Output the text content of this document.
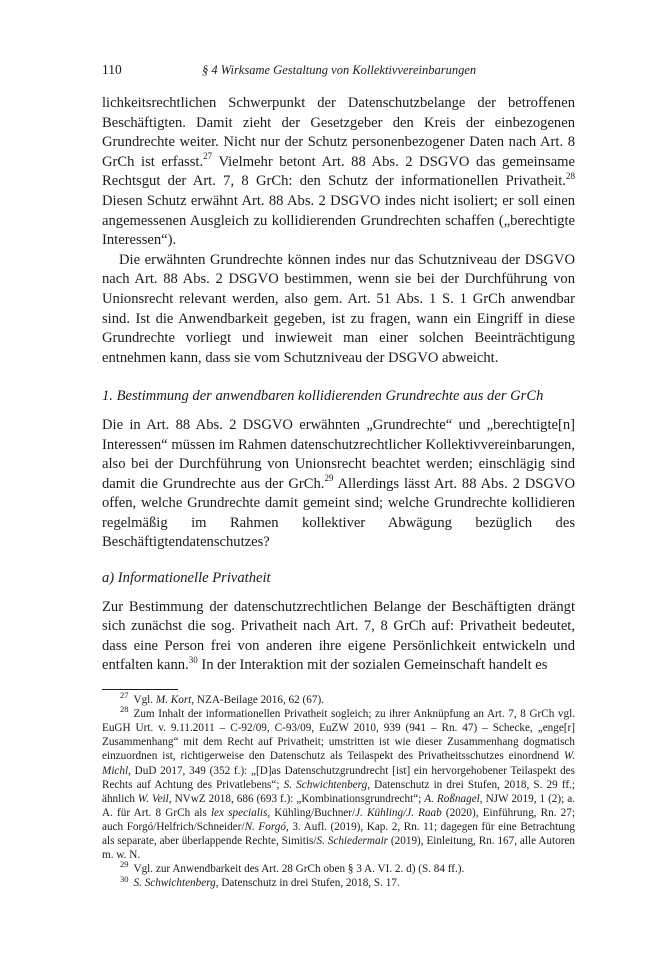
110	§ 4 Wirksame Gestaltung von Kollektivvereinbarungen

lichkeitsrechtlichen Schwerpunkt der Datenschutzbelange der betroffenen Beschäftigten. Damit zieht der Gesetzgeber den Kreis der einbezogenen Grundrechte weiter. Nicht nur der Schutz personenbezogener Daten nach Art. 8 GrCh ist erfasst.$^{27}$ Vielmehr betont Art. 88 Abs. 2 DSGVO das gemeinsame Rechtsgut der Art. 7, 8 GrCh: den Schutz der informationellen Privatheit.$^{28}$ Diesen Schutz erwähnt Art. 88 Abs. 2 DSGVO indes nicht isoliert; er soll einen angemessenen Ausgleich zu kollidierenden Grundrechten schaffen („berechtigte Interessen“).

Die erwähnten Grundrechte können indes nur das Schutzniveau der DSGVO nach Art. 88 Abs. 2 DSGVO bestimmen, wenn sie bei der Durchführung von Unionsrecht relevant werden, also gem. Art. 51 Abs. 1 S. 1 GrCh anwendbar sind. Ist die Anwendbarkeit gegeben, ist zu fragen, wann ein Eingriff in diese Grundrechte vorliegt und inwieweit man einer solchen Beeinträchtigung entnehmen kann, dass sie vom Schutzniveau der DSGVO abweicht.

1. Bestimmung der anwendbaren kollidierenden Grundrechte aus der GrCh

Die in Art. 88 Abs. 2 DSGVO erwähnten „Grundrechte“ und „berechtigte[n] Interessen“ müssen im Rahmen datenschutzrechtlicher Kollektivvereinbarungen, also bei der Durchführung von Unionsrecht beachtet werden; einschlägig sind damit die Grundrechte aus der GrCh.$^{29}$ Allerdings lässt Art. 88 Abs. 2 DSGVO offen, welche Grundrechte damit gemeint sind; welche Grundrechte kollidieren regelmäßig im Rahmen kollektiver Abwägung bezüglich des Beschäftigtendatenschutzes?

a) Informationelle Privatheit

Zur Bestimmung der datenschutzrechtlichen Belange der Beschäftigten drängt sich zunächst die sog. Privatheit nach Art. 7, 8 GrCh auf: Privatheit bedeutet, dass eine Person frei von anderen ihre eigene Persönlichkeit entwickeln und entfalten kann.$^{30}$ In der Interaktion mit der sozialen Gemeinschaft handelt es

$^{27}$ Vgl. M. Kort, NZA-Beilage 2016, 62 (67).

$^{28}$ Zum Inhalt der informationellen Privatheit sogleich; zu ihrer Anknüpfung an Art. 7, 8 GrCh vgl. EuGH Urt. v. 9.11.2011 – C-92/09, C-93/09, EuZW 2010, 939 (941 – Rn. 47) – Schecke, „enge[r] Zusammenhang“ mit dem Recht auf Privatheit; umstritten ist wie dieser Zusammenhang dogmatisch einzuordnen ist, richtigerweise den Datenschutz als Teilaspekt des Privatheitsschutzes einordnend W. Michl, DuD 2017, 349 (352 f.): „[D]as Datenschutzgrundrecht [ist] ein hervorgehobener Teilaspekt des Rechts auf Achtung des Privatlebens“; S. Schwichtenberg, Datenschutz in drei Stufen, 2018, S. 29 ff.; ähnlich W. Veil, NVwZ 2018, 686 (693 f.): „Kombinationsgrundrecht“; A. Roßnagel, NJW 2019, 1 (2); a. A. für Art. 8 GrCh als lex specialis, Kühling/Buchner/J. Kühling/J. Raab (2020), Einführung, Rn. 27; auch Forgó/Helfrich/Schneider/N. Forgó, 3. Aufl. (2019), Kap. 2, Rn. 11; dagegen für eine Betrachtung als separate, aber überlappende Rechte, Simitis/S. Schiedermair (2019), Einleitung, Rn. 167, alle Autoren m. w. N.

$^{29}$ Vgl. zur Anwendbarkeit des Art. 28 GrCh oben § 3 A. VI. 2. d) (S. 84 ff.).

$^{30}$ S. Schwichtenberg, Datenschutz in drei Stufen, 2018, S. 17.
